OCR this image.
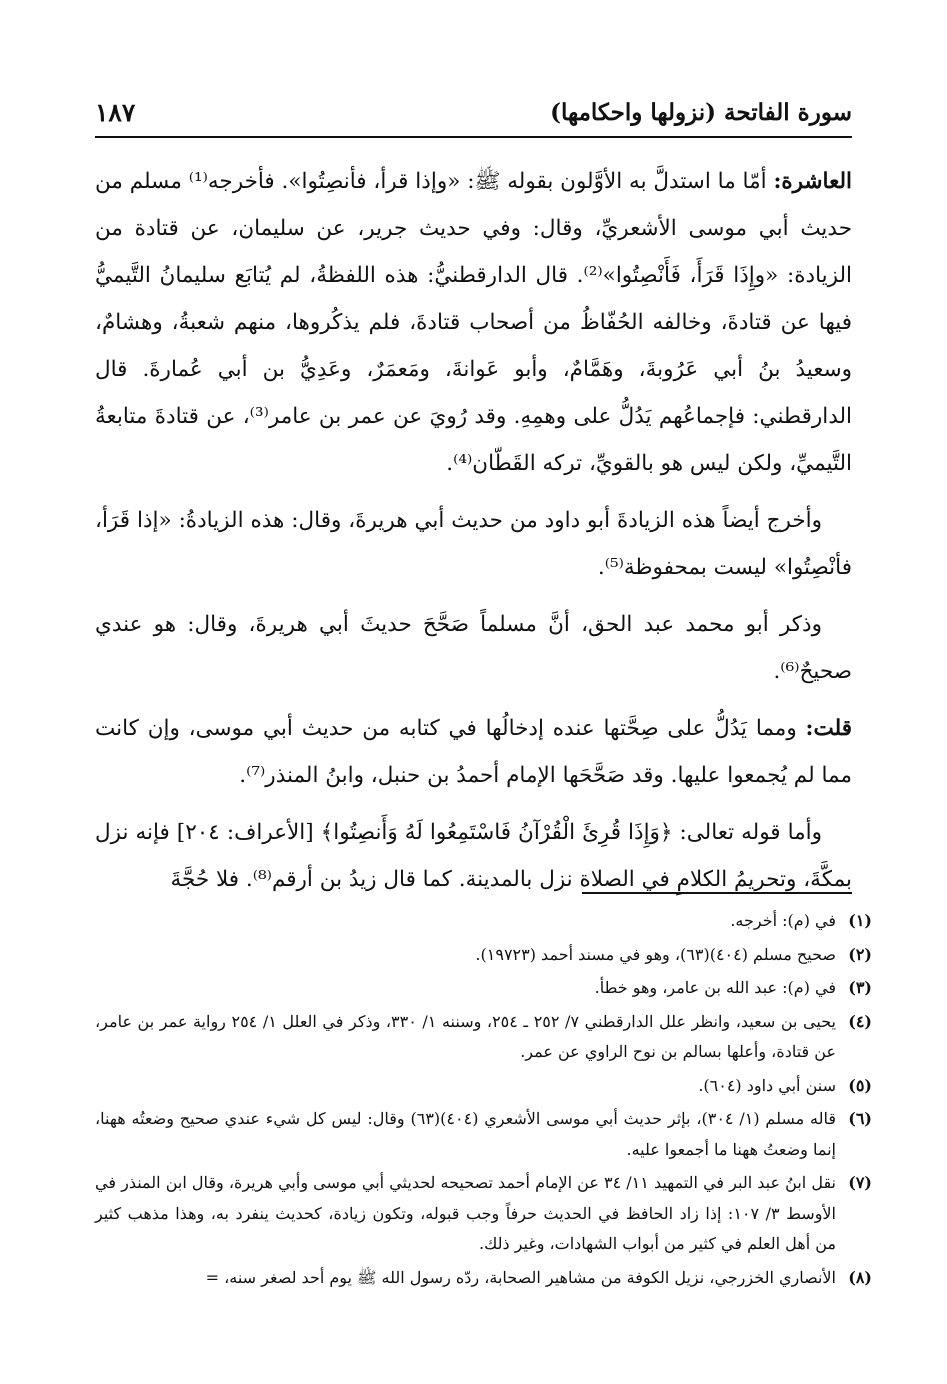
سورة الفاتحة (نزولها واحكامها)
١٨٧

العاشرة: أمّا ما استدلَّ به الأوَّلون بقوله ﷺ: «وإذا قرأ، فأنصِتُوا». فأخرجه⁽¹⁾ مسلم من حديث أبي موسى الأشعريِّ، وقال: وفي حديث جرير، عن سليمان، عن قتادة من الزيادة: «وإِذَا قَرَأَ، فَأَنْصِتُوا»⁽²⁾. قال الدارقطنيُّ: هذه اللفظةُ، لم يُتابَع سليمانُ التَّيميُّ فيها عن قتادةَ، وخالفه الحُفّاظُ من أصحاب قتادةَ، فلم يذكُروها، منهم شعبةُ، وهشامٌ، وسعيدُ بنُ أبي عَرُوبةَ، وهَمَّامٌ، وأبو عَوانةَ، ومَعمَرٌ، وعَدِيُّ بن أبي عُمارةَ. قال الدارقطني: فإجماعُهم يَدُلُّ على وهمِهِ. وقد رُويَ عن عمر بن عامر⁽³⁾، عن قتادةَ متابعةُ التَّيميِّ، ولكن ليس هو بالقويِّ، تركه القَطّان⁽⁴⁾.

وأخرج أيضاً هذه الزيادةَ أبو داود من حديث أبي هريرةَ، وقال: هذه الزيادةُ: «إذا قَرَأ، فأنْصِتُوا» ليست بمحفوظة⁽⁵⁾.

وذكر أبو محمد عبد الحق، أنَّ مسلماً صَحَّحَ حديثَ أبي هريرةَ، وقال: هو عندي صحيحٌ⁽⁶⁾.

قلت: ومما يَدُلُّ على صِحَّتها عنده إدخالُها في كتابه من حديث أبي موسى، وإن كانت مما لم يُجمعوا عليها. وقد صَحَّحَها الإمام أحمدُ بن حنبل، وابنُ المنذر⁽⁷⁾.

وأما قوله تعالى: ﴿وَإِذَا قُرِئَ الْقُرْآنُ فَاسْتَمِعُوا لَهُ وَأَنصِتُوا﴾ [الأعراف: ٢٠٤] فإنه نزل بمكَّةَ، وتحريمُ الكلامِ في الصلاة نزل بالمدينة. كما قال زيدُ بن أرقم⁽⁸⁾. فلا حُجَّةَ

(١)
في (م): أخرجه.
(٢)
صحيح مسلم (٤٠٤)(٦٣)، وهو في مسند أحمد (١٩٧٢٣).
(٣)
في (م): عبد الله بن عامر، وهو خطأ.
(٤)
يحيى بن سعيد، وانظر علل الدارقطني ٧/ ٢٥٢ ـ ٢٥٤، وسننه ١/ ٣٣٠، وذكر في العلل ١/ ٢٥٤ رواية عمر بن عامر، عن قتادة، وأعلها بسالم بن نوح الراوي عن عمر.
(٥)
سنن أبي داود (٦٠٤).
(٦)
قاله مسلم (١/ ٣٠٤)، بإثر حديث أبي موسى الأشعري (٤٠٤)(٦٣) وقال: ليس كل شيء عندي صحيح وضعتُه ههنا، إنما وضعتُ ههنا ما أجمعوا عليه.
(٧)
نقل ابنُ عبد البر في التمهيد ١١/ ٣٤ عن الإمام أحمد تصحيحه لحديثي أبي موسى وأبي هريرة، وقال ابن المنذر في الأوسط ٣/ ١٠٧: إذا زاد الحافظ في الحديث حرفاً وجب قبوله، وتكون زيادة، كحديث ينفرد به، وهذا مذهب كثير من أهل العلم في كثير من أبواب الشهادات، وغير ذلك.
(٨)
الأنصاري الخزرجي، نزيل الكوفة من مشاهير الصحابة، ردّه رسول الله ﷺ يوم أحد لصغر سنه، =
